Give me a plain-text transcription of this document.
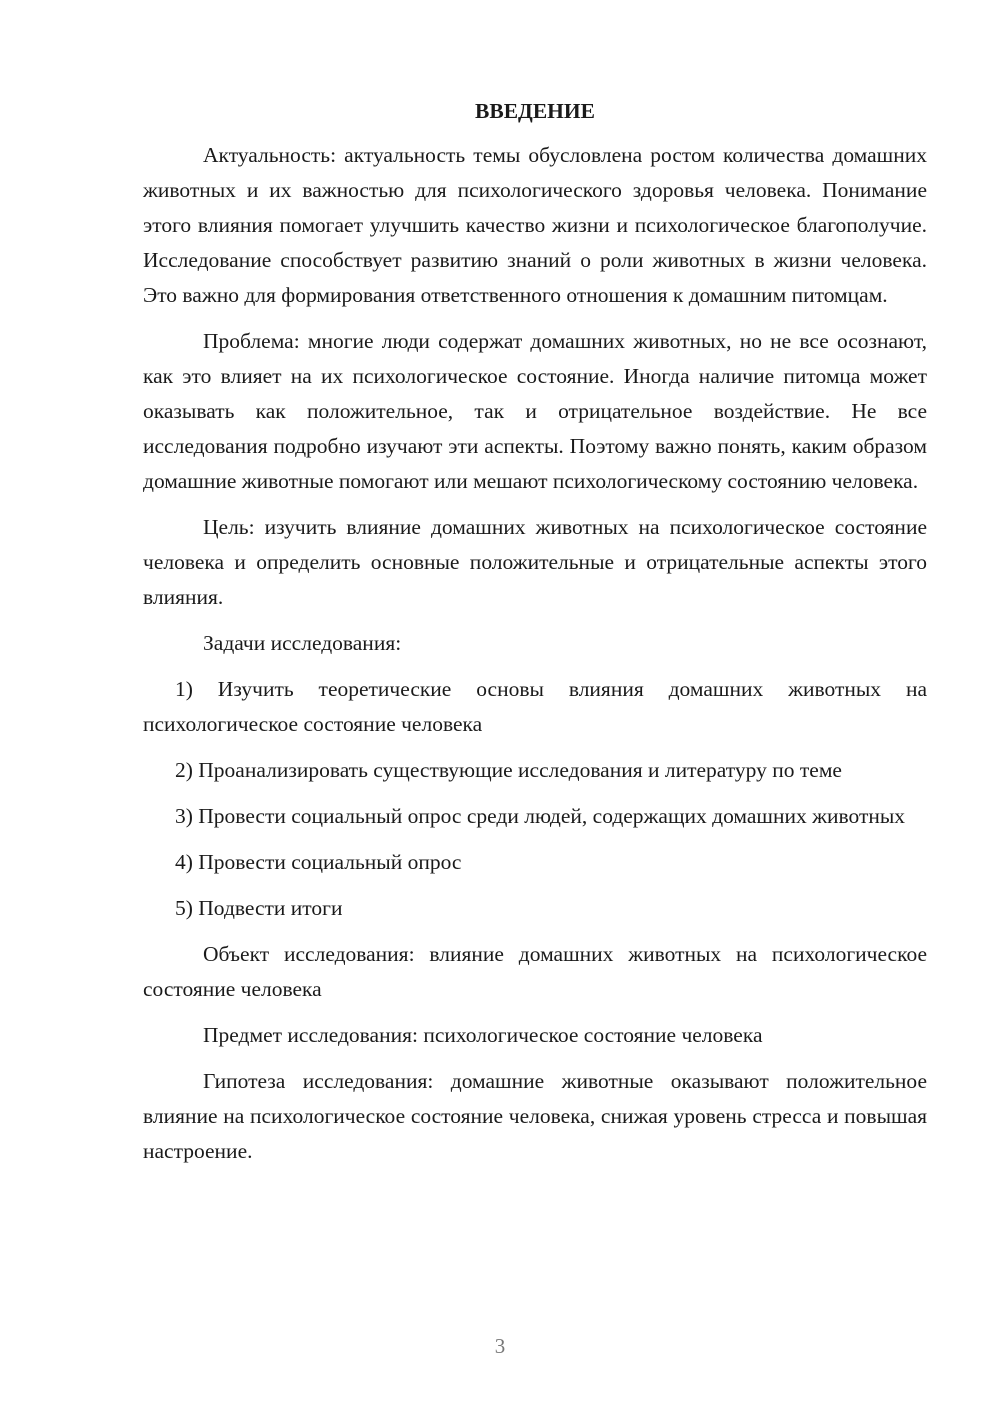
ВВЕДЕНИЕ

Актуальность: актуальность темы обусловлена ростом количества домашних животных и их важностью для психологического здоровья человека. Понимание этого влияния помогает улучшить качество жизни и психологическое благополучие. Исследование способствует развитию знаний о роли животных в жизни человека. Это важно для формирования ответственного отношения к домашним питомцам.

Проблема: многие люди содержат домашних животных, но не все осознают, как это влияет на их психологическое состояние. Иногда наличие питомца может оказывать как положительное, так и отрицательное воздействие. Не все исследования подробно изучают эти аспекты. Поэтому важно понять, каким образом домашние животные помогают или мешают психологическому состоянию человека.

Цель: изучить влияние домашних животных на психологическое состояние человека и определить основные положительные и отрицательные аспекты этого влияния.

Задачи исследования:

1) Изучить теоретические основы влияния домашних животных на психологическое состояние человека

2) Проанализировать существующие исследования и литературу по теме

3) Провести социальный опрос среди людей, содержащих домашних животных

4) Провести социальный опрос

5) Подвести итоги

Объект исследования: влияние домашних животных на психологическое состояние человека

Предмет исследования: психологическое состояние человека

Гипотеза исследования: домашние животные оказывают положительное влияние на психологическое состояние человека, снижая уровень стресса и повышая настроение.

3
